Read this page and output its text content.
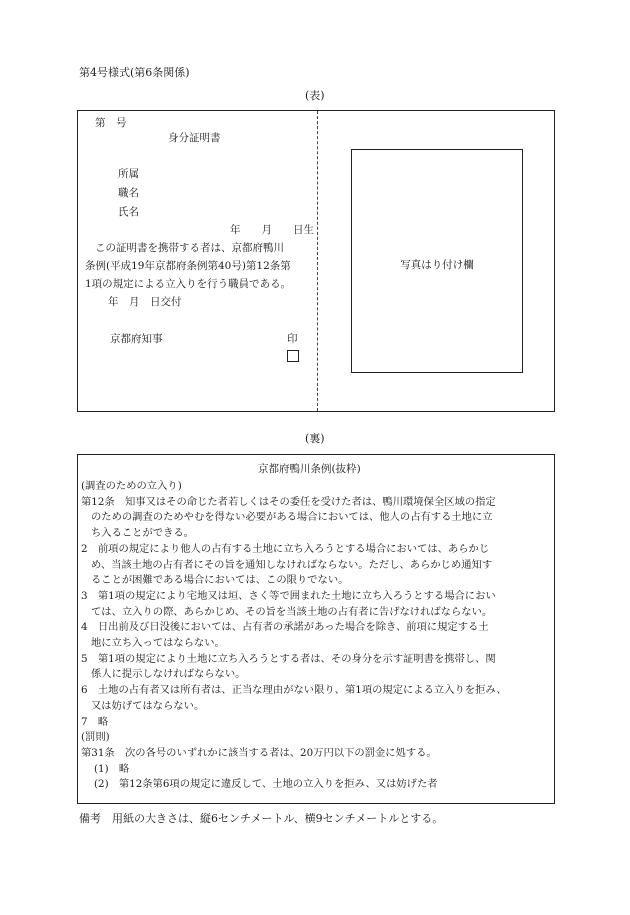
第4号様式(第6条関係)
(表)
第　号
身分証明書
所属
職名
氏名
年　　月　　日生
この証明書を携帯する者は、京都府鴨川
条例(平成19年京都府条例第40号)第12条第
1項の規定による立入りを行う職員である。
年　月　日交付
京都府知事	印
写真はり付け欄
(裏)
京都府鴨川条例(抜粋)
(調査のための立入り)
第12条　知事又はその命じた者若しくはその委任を受けた者は、鴨川環境保全区域の指定
のための調査のためやむを得ない必要がある場合においては、他人の占有する土地に立
ち入ることができる。
2　前項の規定により他人の占有する土地に立ち入ろうとする場合においては、あらかじ
め、当該土地の占有者にその旨を通知しなければならない。ただし、あらかじめ通知す
ることが困難である場合においては、この限りでない。
3　第1項の規定により宅地又は垣、さく等で囲まれた土地に立ち入ろうとする場合におい
ては、立入りの際、あらかじめ、その旨を当該土地の占有者に告げなければならない。
4　日出前及び日没後においては、占有者の承諾があった場合を除き、前項に規定する土
地に立ち入ってはならない。
5　第1項の規定により土地に立ち入ろうとする者は、その身分を示す証明書を携帯し、関
係人に提示しなければならない。
6　土地の占有者又は所有者は、正当な理由がない限り、第1項の規定による立入りを拒み、
又は妨げてはならない。
7　略
(罰則)
第31条　次の各号のいずれかに該当する者は、20万円以下の罰金に処する。
(1)　略
(2)　第12条第6項の規定に違反して、土地の立入りを拒み、又は妨げた者
備考　用紙の大きさは、縦6センチメートル、横9センチメートルとする。
